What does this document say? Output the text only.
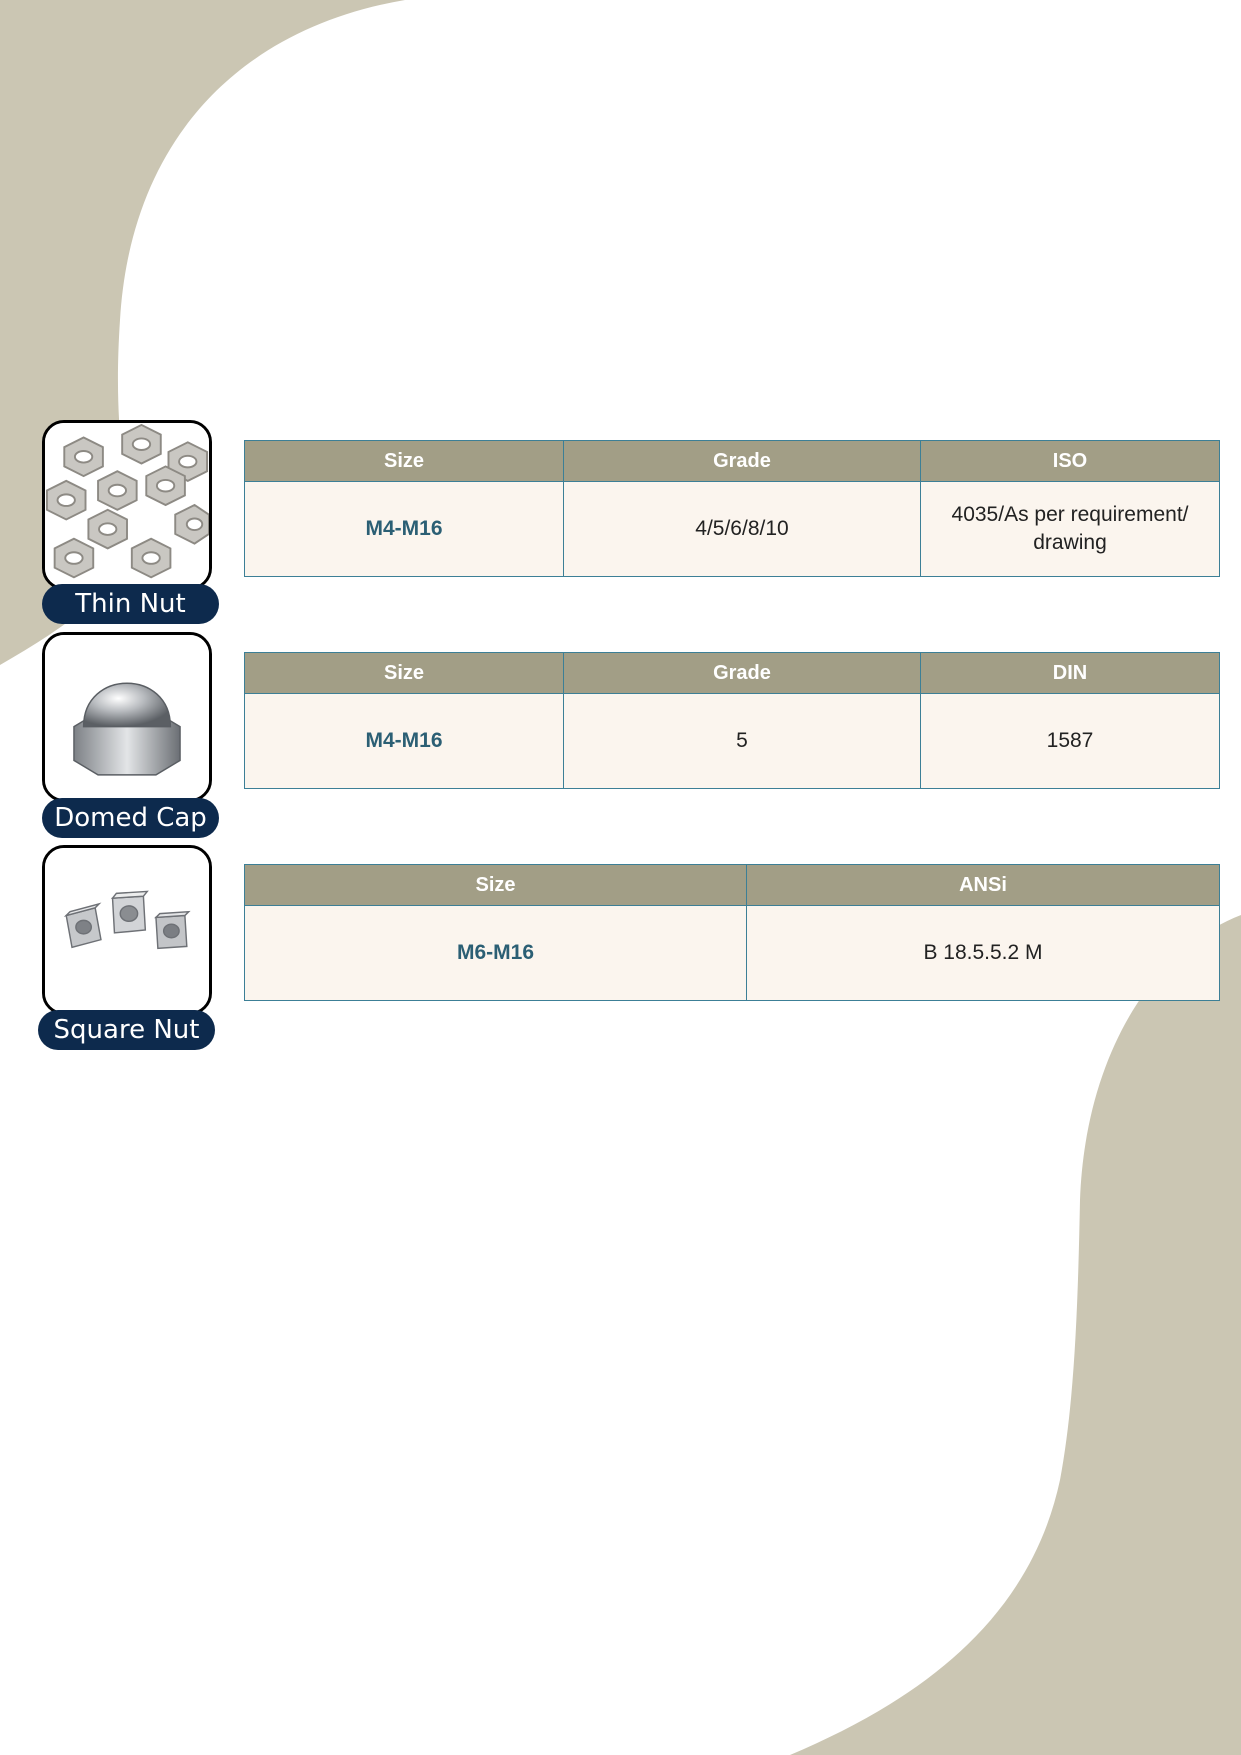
Thin Nut
Size	Grade	ISO
M4-M16	4/5/6/8/10	4035/As per requirement/ drawing
Domed Cap
Size	Grade	DIN
M4-M16	5	1587
Square Nut
Size	ANSi
M6-M16	B 18.5.5.2 M
